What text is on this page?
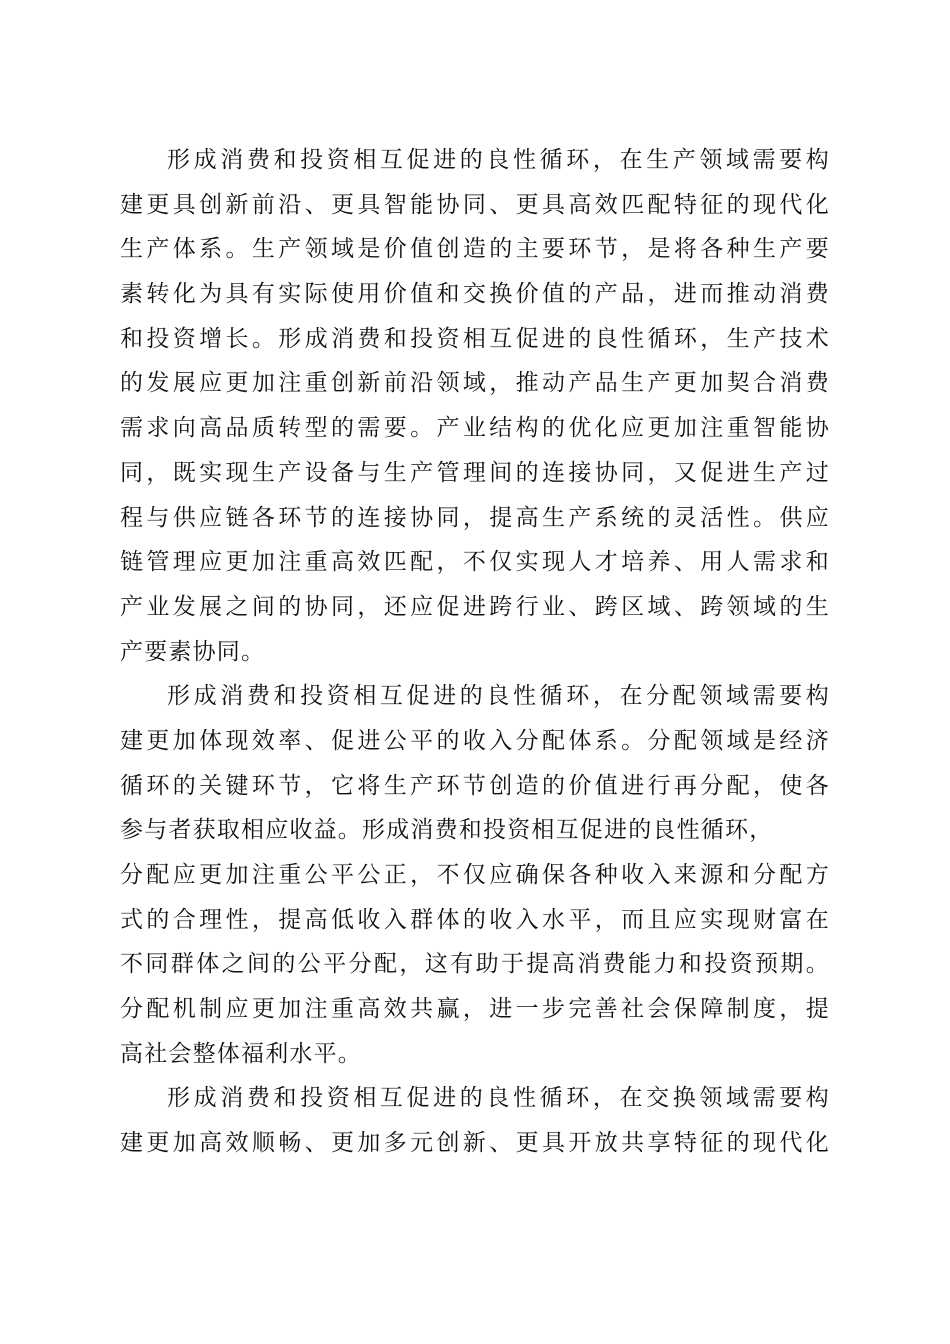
形成消费和投资相互促进的良性循环，在生产领域需要构
建更具创新前沿、更具智能协同、更具高效匹配特征的现代化
生产体系。生产领域是价值创造的主要环节，是将各种生产要
素转化为具有实际使用价值和交换价值的产品，进而推动消费
和投资增长。形成消费和投资相互促进的良性循环，生产技术
的发展应更加注重创新前沿领域，推动产品生产更加契合消费
需求向高品质转型的需要。产业结构的优化应更加注重智能协
同，既实现生产设备与生产管理间的连接协同，又促进生产过
程与供应链各环节的连接协同，提高生产系统的灵活性。供应
链管理应更加注重高效匹配，不仅实现人才培养、用人需求和
产业发展之间的协同，还应促进跨行业、跨区域、跨领域的生
产要素协同。
形成消费和投资相互促进的良性循环，在分配领域需要构
建更加体现效率、促进公平的收入分配体系。分配领域是经济
循环的关键环节，它将生产环节创造的价值进行再分配，使各
参与者获取相应收益。形成消费和投资相互促进的良性循环，
分配应更加注重公平公正，不仅应确保各种收入来源和分配方
式的合理性，提高低收入群体的收入水平，而且应实现财富在
不同群体之间的公平分配，这有助于提高消费能力和投资预期。
分配机制应更加注重高效共赢，进一步完善社会保障制度，提
高社会整体福利水平。
形成消费和投资相互促进的良性循环，在交换领域需要构
建更加高效顺畅、更加多元创新、更具开放共享特征的现代化
